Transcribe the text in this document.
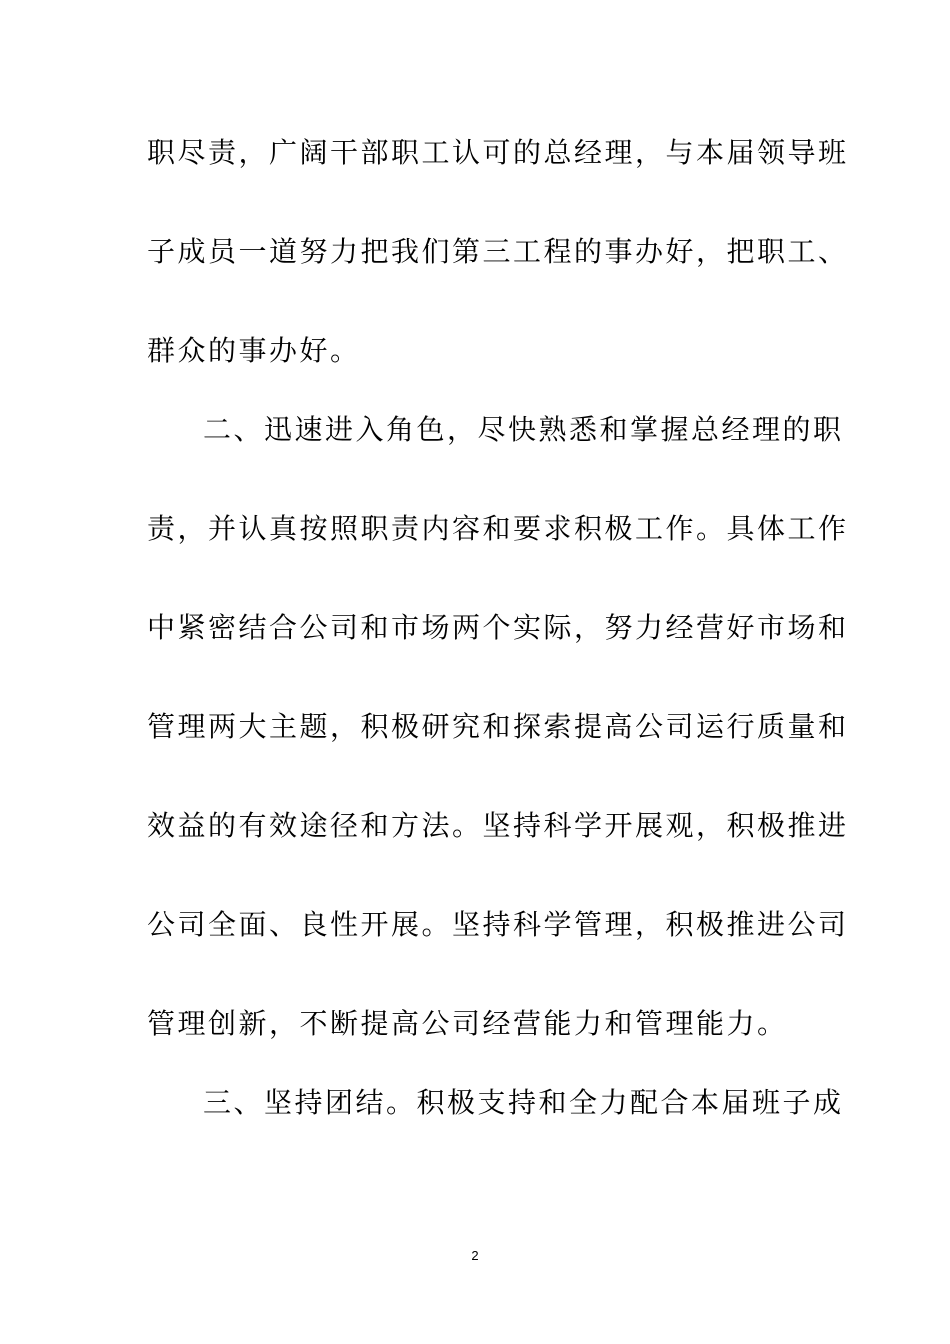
职尽责，广阔干部职工认可的总经理，与本届领导班
子成员一道努力把我们第三工程的事办好，把职工、
群众的事办好。
二、迅速进入角色，尽快熟悉和掌握总经理的职
责，并认真按照职责内容和要求积极工作。具体工作
中紧密结合公司和市场两个实际，努力经营好市场和
管理两大主题，积极研究和探索提高公司运行质量和
效益的有效途径和方法。坚持科学开展观，积极推进
公司全面、良性开展。坚持科学管理，积极推进公司
管理创新，不断提高公司经营能力和管理能力。
三、坚持团结。积极支持和全力配合本届班子成
2
